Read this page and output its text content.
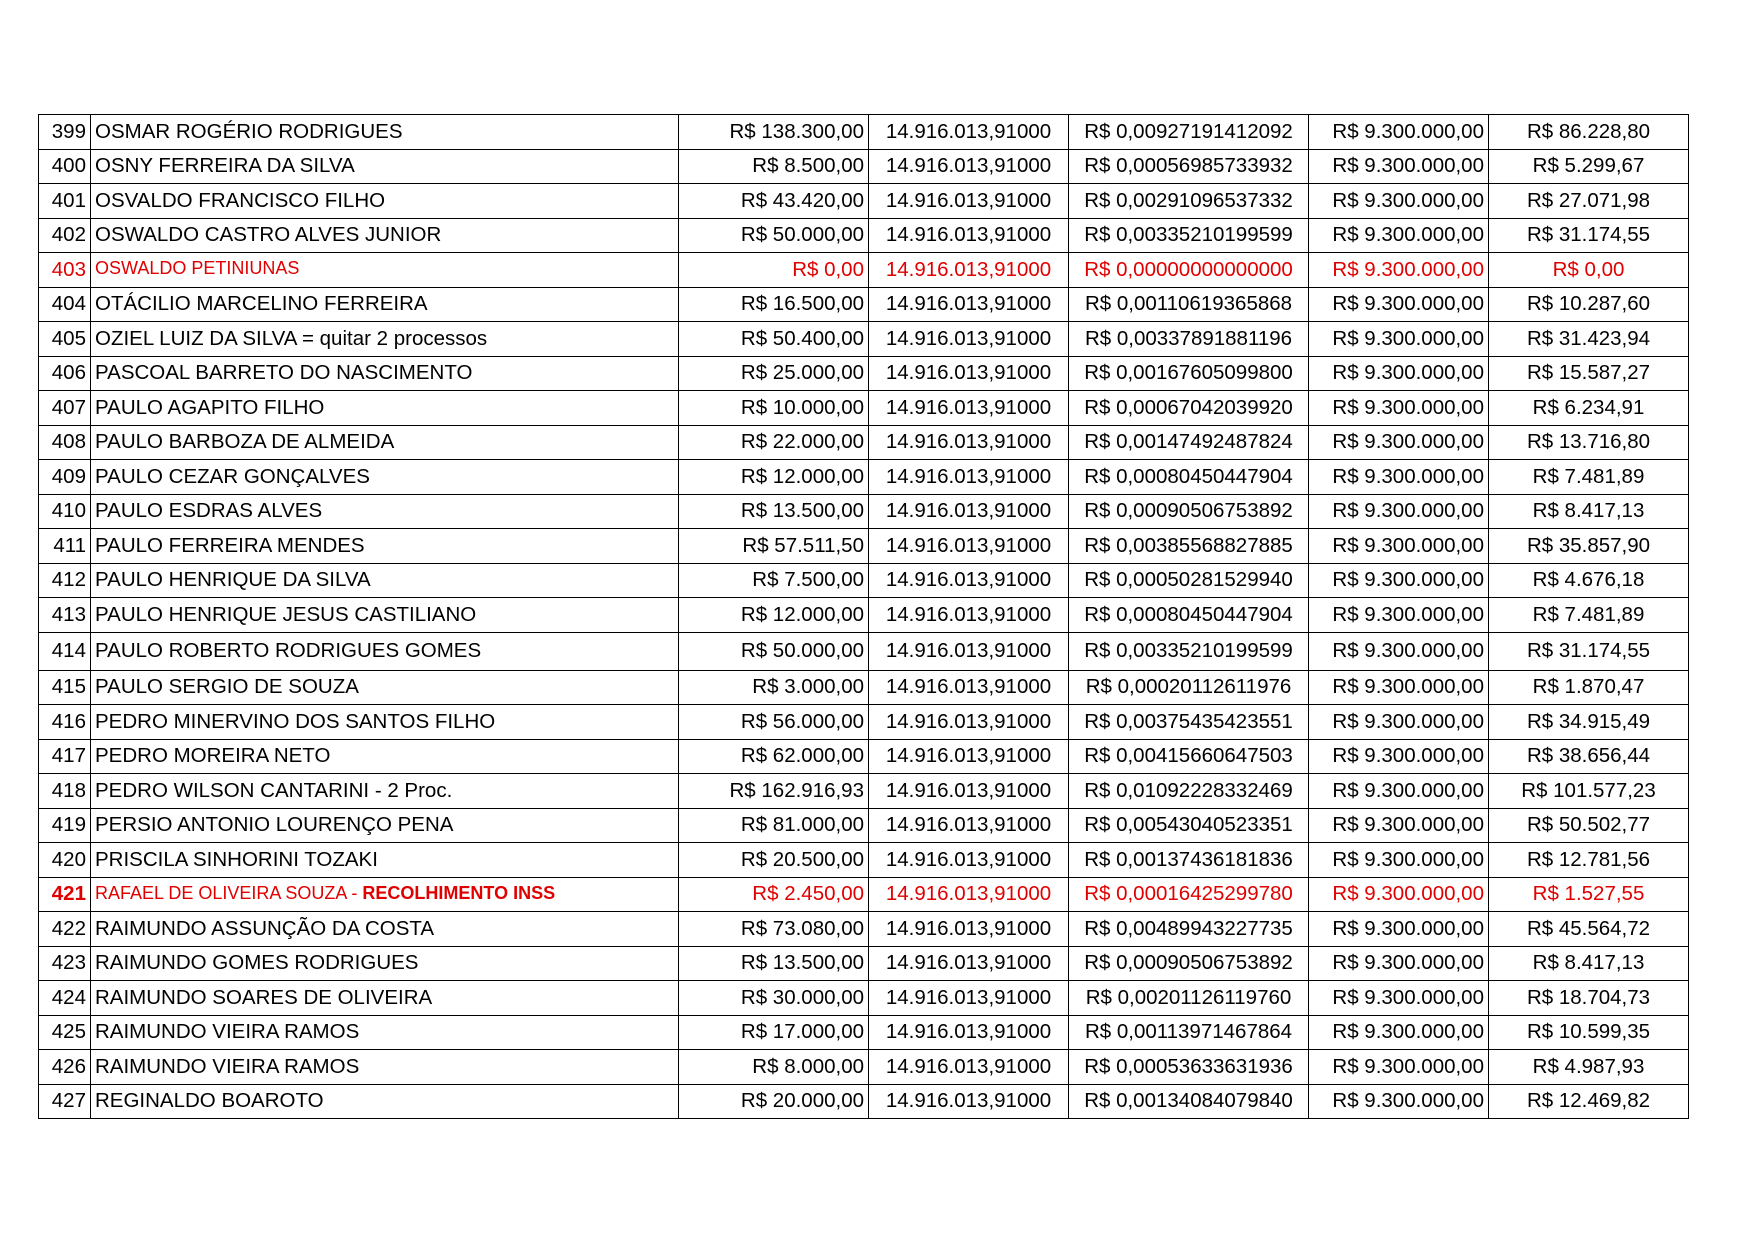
399	OSMAR ROGÉRIO RODRIGUES	R$ 138.300,00	14.916.013,91000	R$ 0,00927191412092	R$ 9.300.000,00	R$ 86.228,80
400	OSNY FERREIRA DA SILVA	R$ 8.500,00	14.916.013,91000	R$ 0,00056985733932	R$ 9.300.000,00	R$ 5.299,67
401	OSVALDO FRANCISCO FILHO	R$ 43.420,00	14.916.013,91000	R$ 0,00291096537332	R$ 9.300.000,00	R$ 27.071,98
402	OSWALDO CASTRO ALVES JUNIOR	R$ 50.000,00	14.916.013,91000	R$ 0,00335210199599	R$ 9.300.000,00	R$ 31.174,55
403	OSWALDO PETINIUNAS	R$ 0,00	14.916.013,91000	R$ 0,00000000000000	R$ 9.300.000,00	R$ 0,00
404	OTÁCILIO MARCELINO FERREIRA	R$ 16.500,00	14.916.013,91000	R$ 0,00110619365868	R$ 9.300.000,00	R$ 10.287,60
405	OZIEL LUIZ DA SILVA = quitar 2 processos	R$ 50.400,00	14.916.013,91000	R$ 0,00337891881196	R$ 9.300.000,00	R$ 31.423,94
406	PASCOAL BARRETO DO NASCIMENTO	R$ 25.000,00	14.916.013,91000	R$ 0,00167605099800	R$ 9.300.000,00	R$ 15.587,27
407	PAULO AGAPITO FILHO	R$ 10.000,00	14.916.013,91000	R$ 0,00067042039920	R$ 9.300.000,00	R$ 6.234,91
408	PAULO BARBOZA DE ALMEIDA	R$ 22.000,00	14.916.013,91000	R$ 0,00147492487824	R$ 9.300.000,00	R$ 13.716,80
409	PAULO CEZAR GONÇALVES	R$ 12.000,00	14.916.013,91000	R$ 0,00080450447904	R$ 9.300.000,00	R$ 7.481,89
410	PAULO ESDRAS ALVES	R$ 13.500,00	14.916.013,91000	R$ 0,00090506753892	R$ 9.300.000,00	R$ 8.417,13
411	PAULO FERREIRA MENDES	R$ 57.511,50	14.916.013,91000	R$ 0,00385568827885	R$ 9.300.000,00	R$ 35.857,90
412	PAULO HENRIQUE DA SILVA	R$ 7.500,00	14.916.013,91000	R$ 0,00050281529940	R$ 9.300.000,00	R$ 4.676,18
413	PAULO HENRIQUE JESUS CASTILIANO	R$ 12.000,00	14.916.013,91000	R$ 0,00080450447904	R$ 9.300.000,00	R$ 7.481,89
414	PAULO ROBERTO RODRIGUES GOMES	R$ 50.000,00	14.916.013,91000	R$ 0,00335210199599	R$ 9.300.000,00	R$ 31.174,55
415	PAULO SERGIO DE SOUZA	R$ 3.000,00	14.916.013,91000	R$ 0,00020112611976	R$ 9.300.000,00	R$ 1.870,47
416	PEDRO MINERVINO DOS SANTOS FILHO	R$ 56.000,00	14.916.013,91000	R$ 0,00375435423551	R$ 9.300.000,00	R$ 34.915,49
417	PEDRO MOREIRA NETO	R$ 62.000,00	14.916.013,91000	R$ 0,00415660647503	R$ 9.300.000,00	R$ 38.656,44
418	PEDRO WILSON CANTARINI - 2 Proc.	R$ 162.916,93	14.916.013,91000	R$ 0,01092228332469	R$ 9.300.000,00	R$ 101.577,23
419	PERSIO ANTONIO LOURENÇO PENA	R$ 81.000,00	14.916.013,91000	R$ 0,00543040523351	R$ 9.300.000,00	R$ 50.502,77
420	PRISCILA SINHORINI TOZAKI	R$ 20.500,00	14.916.013,91000	R$ 0,00137436181836	R$ 9.300.000,00	R$ 12.781,56
421	RAFAEL DE OLIVEIRA SOUZA - RECOLHIMENTO INSS	R$ 2.450,00	14.916.013,91000	R$ 0,00016425299780	R$ 9.300.000,00	R$ 1.527,55
422	RAIMUNDO ASSUNÇÃO DA COSTA	R$ 73.080,00	14.916.013,91000	R$ 0,00489943227735	R$ 9.300.000,00	R$ 45.564,72
423	RAIMUNDO GOMES RODRIGUES	R$ 13.500,00	14.916.013,91000	R$ 0,00090506753892	R$ 9.300.000,00	R$ 8.417,13
424	RAIMUNDO SOARES DE OLIVEIRA	R$ 30.000,00	14.916.013,91000	R$ 0,00201126119760	R$ 9.300.000,00	R$ 18.704,73
425	RAIMUNDO VIEIRA RAMOS	R$ 17.000,00	14.916.013,91000	R$ 0,00113971467864	R$ 9.300.000,00	R$ 10.599,35
426	RAIMUNDO VIEIRA RAMOS	R$ 8.000,00	14.916.013,91000	R$ 0,00053633631936	R$ 9.300.000,00	R$ 4.987,93
427	REGINALDO BOAROTO	R$ 20.000,00	14.916.013,91000	R$ 0,00134084079840	R$ 9.300.000,00	R$ 12.469,82
